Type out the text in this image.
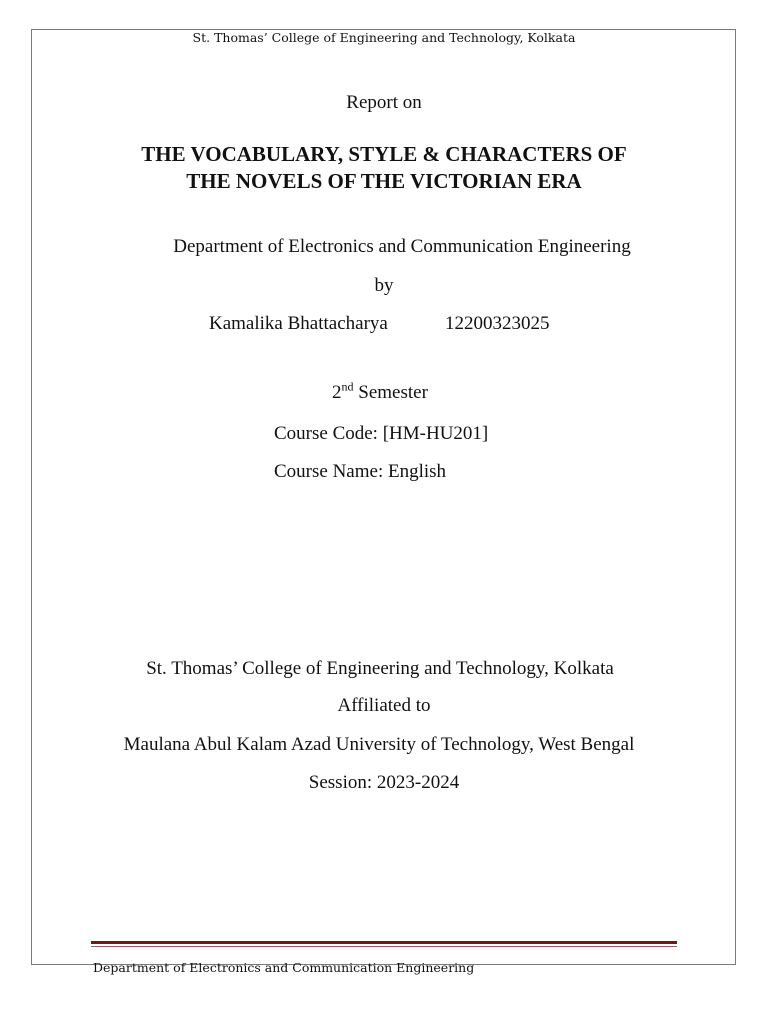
St. Thomas’ College of Engineering and Technology, Kolkata
Report on
THE VOCABULARY, STYLE & CHARACTERS OF
THE NOVELS OF THE VICTORIAN ERA
Department of Electronics and Communication Engineering
by
Kamalika Bhattacharya	12200323025
2nd Semester
Course Code: [HM-HU201]
Course Name: English
St. Thomas’ College of Engineering and Technology, Kolkata
Affiliated to
Maulana Abul Kalam Azad University of Technology, West Bengal
Session: 2023-2024
Department of Electronics and Communication Engineering
